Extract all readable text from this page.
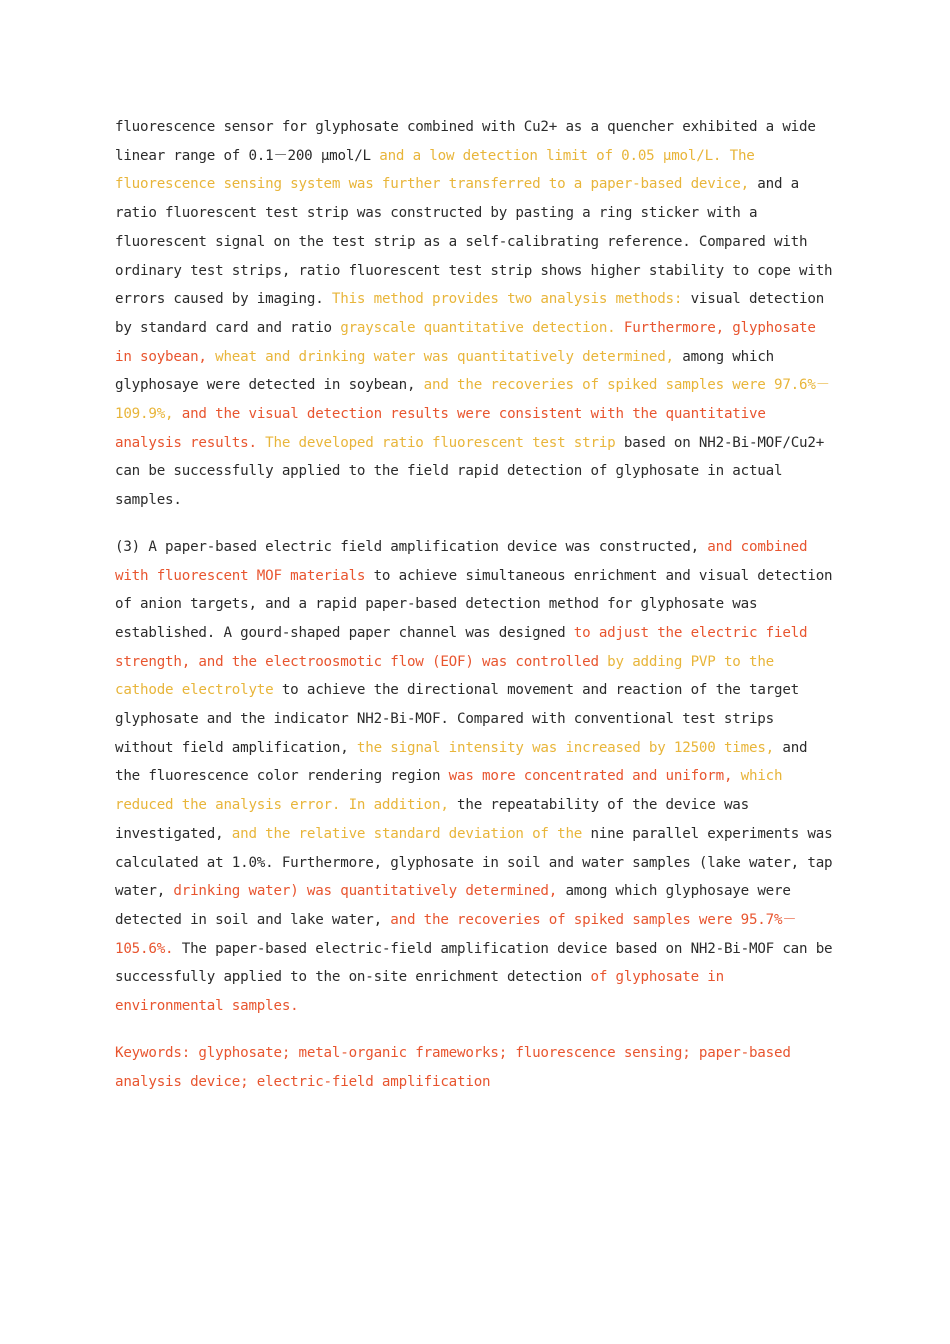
fluorescence sensor for glyphosate combined with Cu2+ as a quencher exhibited a wide linear range of 0.1－200 μmol/L and a low detection limit of 0.05 μmol/L. The fluorescence sensing system was further transferred to a paper-based device, and a ratio fluorescent test strip was constructed by pasting a ring sticker with a fluorescent signal on the test strip as a self-calibrating reference. Compared with ordinary test strips, ratio fluorescent test strip shows higher stability to cope with errors caused by imaging. This method provides two analysis methods: visual detection by standard card and ratio grayscale quantitative detection. Furthermore, glyphosate in soybean, wheat and drinking water was quantitatively determined, among which glyphosaye were detected in soybean, and the recoveries of spiked samples were 97.6%－109.9%, and the visual detection results were consistent with the quantitative analysis results. The developed ratio fluorescent test strip based on NH2-Bi-MOF/Cu2+ can be successfully applied to the field rapid detection of glyphosate in actual samples.

(3) A paper-based electric field amplification device was constructed, and combined with fluorescent MOF materials to achieve simultaneous enrichment and visual detection of anion targets, and a rapid paper-based detection method for glyphosate was established. A gourd-shaped paper channel was designed to adjust the electric field strength, and the electroosmotic flow (EOF) was controlled by adding PVP to the cathode electrolyte to achieve the directional movement and reaction of the target glyphosate and the indicator NH2-Bi-MOF. Compared with conventional test strips without field amplification, the signal intensity was increased by 12500 times, and the fluorescence color rendering region was more concentrated and uniform, which reduced the analysis error. In addition, the repeatability of the device was investigated, and the relative standard deviation of the nine parallel experiments was calculated at 1.0%. Furthermore, glyphosate in soil and water samples (lake water, tap water, drinking water) was quantitatively determined, among which glyphosaye were detected in soil and lake water, and the recoveries of spiked samples were 95.7%－105.6%. The paper-based electric-field amplification device based on NH2-Bi-MOF can be successfully applied to the on-site enrichment detection of glyphosate in environmental samples.

Keywords: glyphosate; metal-organic frameworks; fluorescence sensing; paper-based analysis device; electric-field amplification
